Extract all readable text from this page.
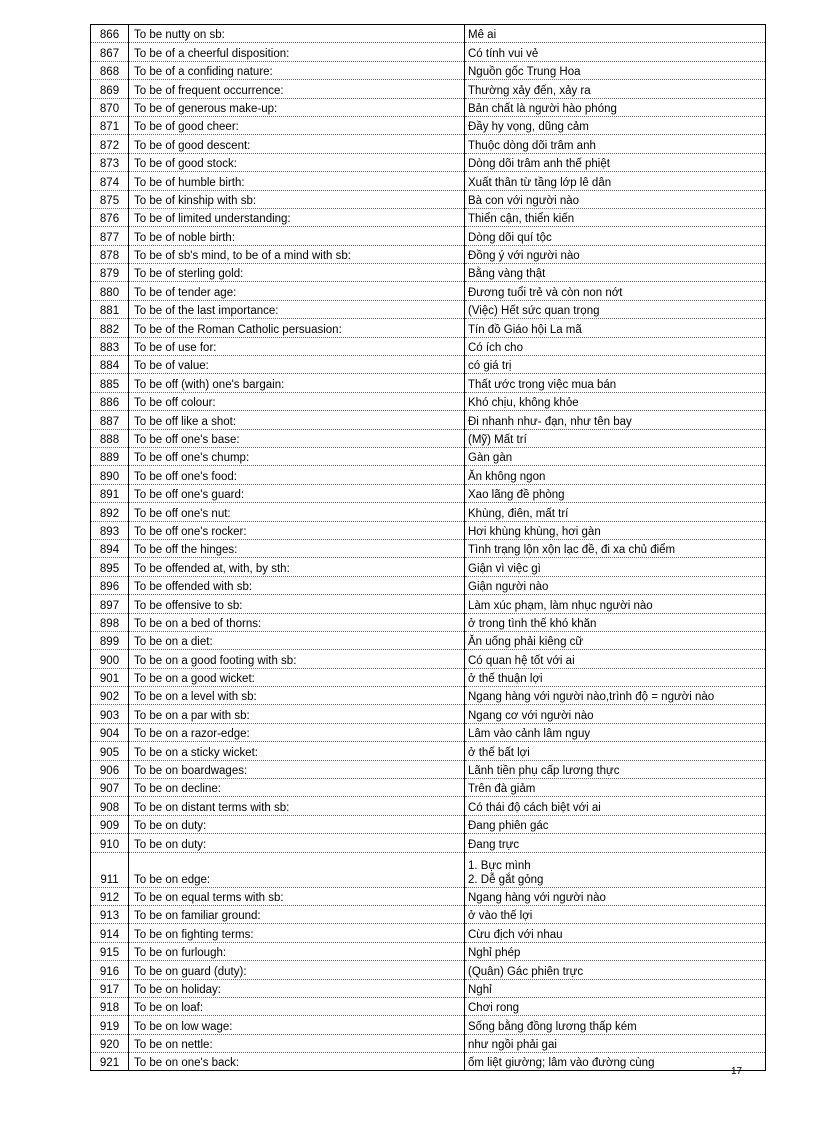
866	To be nutty on sb:	Mê ai

867	To be of a cheerful disposition:	Có tính vui vẻ

868	To be of a confiding nature:	Nguồn gốc Trung Hoa

869	To be of frequent occurrence:	Thường xảy đến, xảy ra

870	To be of generous make-up:	Bản chất là người hào phóng

871	To be of good cheer:	Đầy hy vọng, dũng cảm

872	To be of good descent:	Thuộc dòng dõi trâm anh

873	To be of good stock:	Dòng dõi trâm anh thế phiệt

874	To be of humble birth:	Xuất thân từ tầng lớp lê dân

875	To be of kinship with sb:	Bà con với người nào

876	To be of limited understanding:	Thiển cận, thiển kiến

877	To be of noble birth:	Dòng dõi quí tộc

878	To be of sb's mind, to be of a mind with sb:	Đồng ý với người nào

879	To be of sterling gold:	Bằng vàng thật

880	To be of tender age:	Đương tuổi trẻ và còn non nớt

881	To be of the last importance:	(Việc) Hết sức quan trọng

882	To be of the Roman Catholic persuasion:	Tín đồ Giáo hội La mã

883	To be of use for:	Có ích cho

884	To be of value:	có giá trị

885	To be off (with) one's bargain:	Thất ước trong việc mua bán

886	To be off colour:	Khó chịu, không khỏe

887	To be off like a shot:	Đi nhanh như- đạn, như tên bay

888	To be off one's base:	(Mỹ) Mất trí

889	To be off one's chump:	Gàn gàn

890	To be off one's food:	Ăn không ngon

891	To be off one's guard:	Xao lãng đề phòng

892	To be off one's nut:	Khùng, điên, mất trí

893	To be off one's rocker:	Hơi khùng khùng, hơi gàn

894	To be off the hinges:	Tình trạng lộn xộn lạc đề, đi xa chủ điểm

895	To be offended at, with, by sth:	Giận vì việc gì

896	To be offended with sb:	Giận người nào

897	To be offensive to sb:	Làm xúc phạm, làm nhục người nào

898	To be on a bed of thorns:	ở trong tình thế khó khăn

899	To be on a diet:	Ăn uống phải kiêng cữ

900	To be on a good footing with sb:	Có quan hệ tốt với ai

901	To be on a good wicket:	ở thế thuận lợi

902	To be on a level with sb:	Ngang hàng với người nào,trình độ = người nào

903	To be on a par with sb:	Ngang cơ với người nào

904	To be on a razor-edge:	Lâm vào cảnh lâm nguy

905	To be on a sticky wicket:	ở thế bất lợi

906	To be on boardwages:	Lãnh tiền phụ cấp lương thực

907	To be on decline:	Trên đà giảm

908	To be on distant terms with sb:	Có thái độ cách biệt với ai

909	To be on duty:	Đang phiên gác

910	To be on duty:	Đang trực

911	To be on edge:	1. Bực mình
2. Dễ gắt gỏng

912	To be on equal terms with sb:	Ngang hàng với người nào

913	To be on familiar ground:	ở vào thế lợi

914	To be on fighting terms:	Cừu địch với nhau

915	To be on furlough:	Nghỉ phép

916	To be on guard (duty):	(Quân) Gác phiên trực

917	To be on holiday:	Nghỉ

918	To be on loaf:	Chơi rong

919	To be on low wage:	Sống bằng đồng lương thấp kém

920	To be on nettle:	như ngồi phải gai

921	To be on one's back:	ốm liệt giường; lâm vào đường cùng
17
